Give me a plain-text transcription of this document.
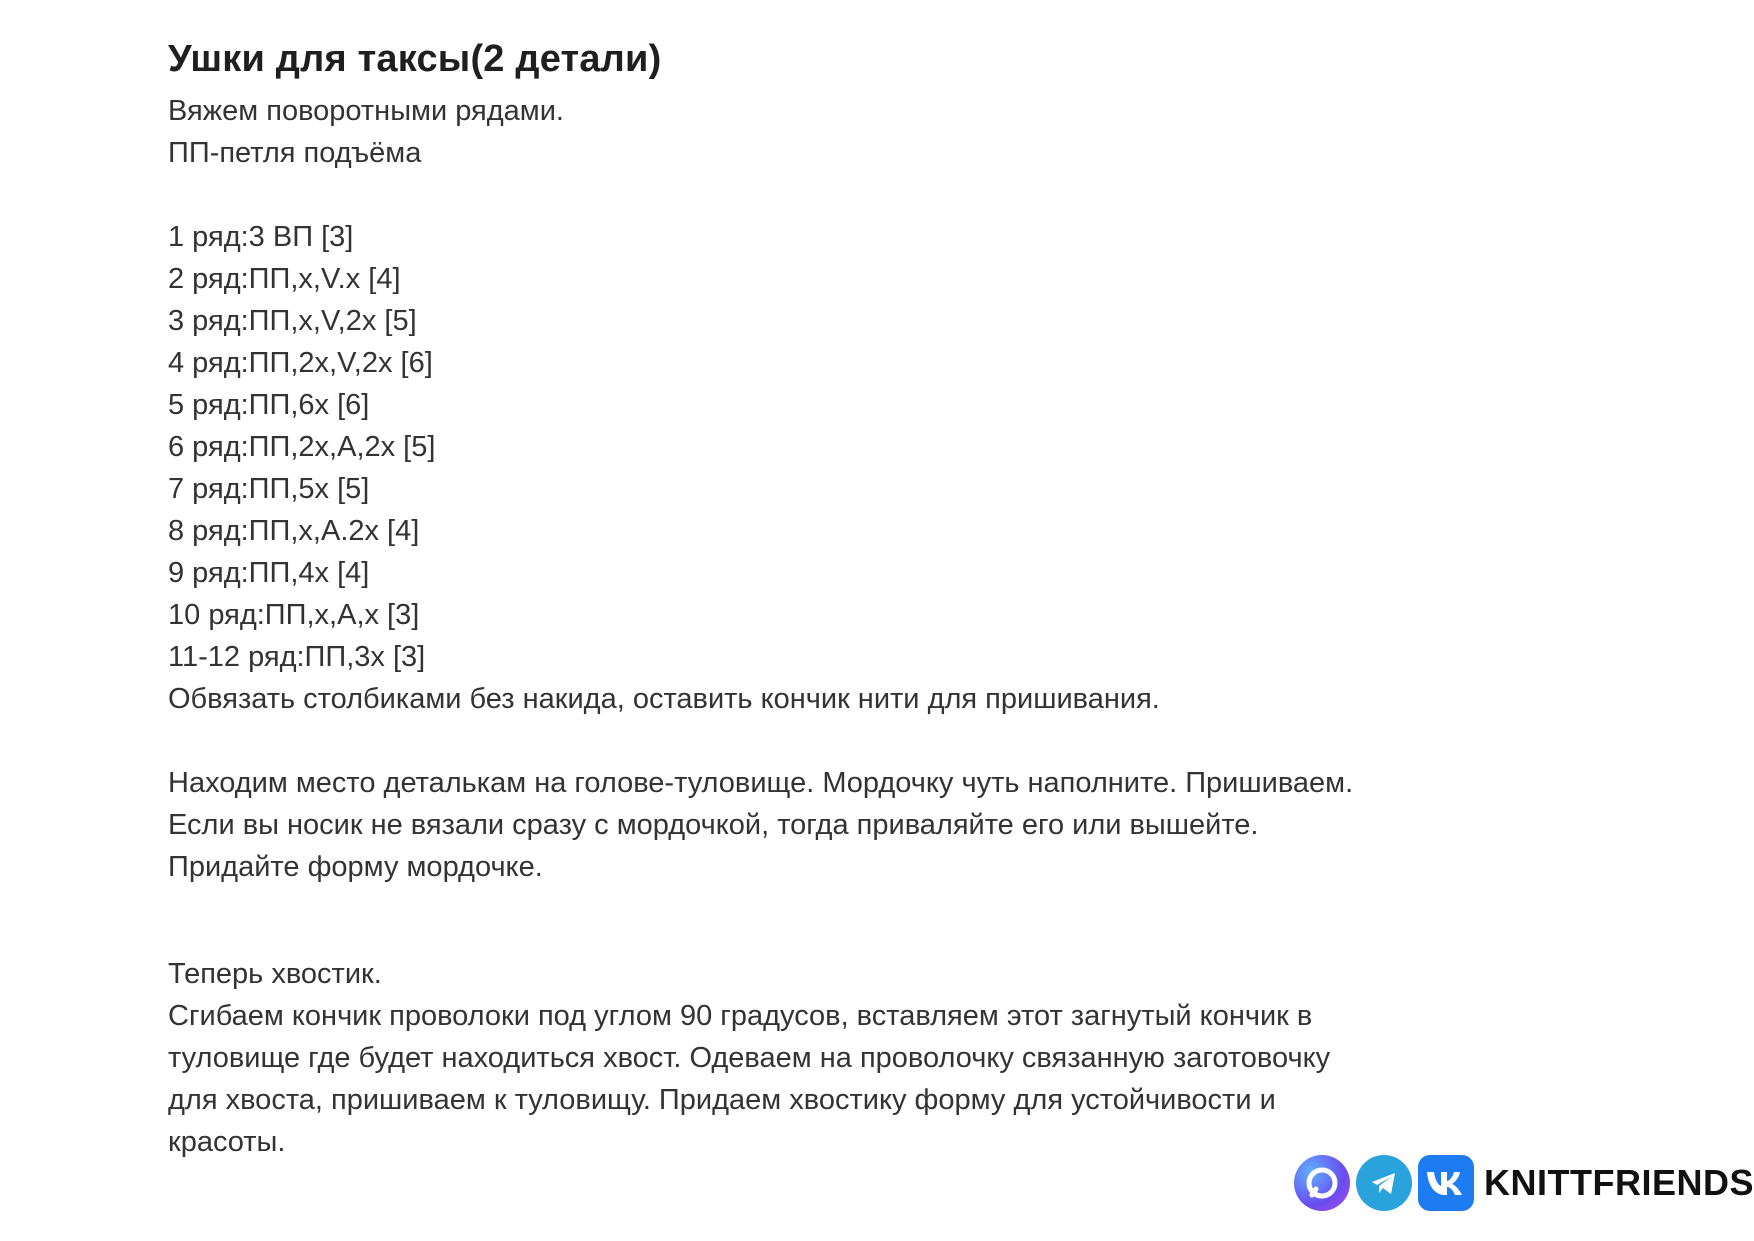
Ушки для таксы(2 детали)
Вяжем поворотными рядами.
ПП-петля подъёма
1 ряд:3 ВП [3]
2 ряд:ПП,х,V.х [4]
3 ряд:ПП,х,V,2х [5]
4 ряд:ПП,2х,V,2х [6]
5 ряд:ПП,6х [6]
6 ряд:ПП,2х,А,2х [5]
7 ряд:ПП,5х [5]
8 ряд:ПП,х,А.2х [4]
9 ряд:ПП,4х [4]
10 ряд:ПП,х,А,х [3]
11-12 ряд:ПП,3х [3]
Обвязать столбиками без накида, оставить кончик нити для пришивания.
Находим место деталькам на голове-туловище. Мордочку чуть наполните. Пришиваем.
Если вы носик не вязали сразу с мордочкой, тогда приваляйте его или вышейте.
Придайте форму мордочке.
Теперь хвостик.
Сгибаем кончик проволоки под углом 90 градусов, вставляем этот загнутый кончик в
туловище где будет находиться хвост. Одеваем на проволочку связанную заготовочку
для хвоста, пришиваем к туловищу. Придаем хвостику форму для устойчивости и
красоты.
KNITTFRIENDS
